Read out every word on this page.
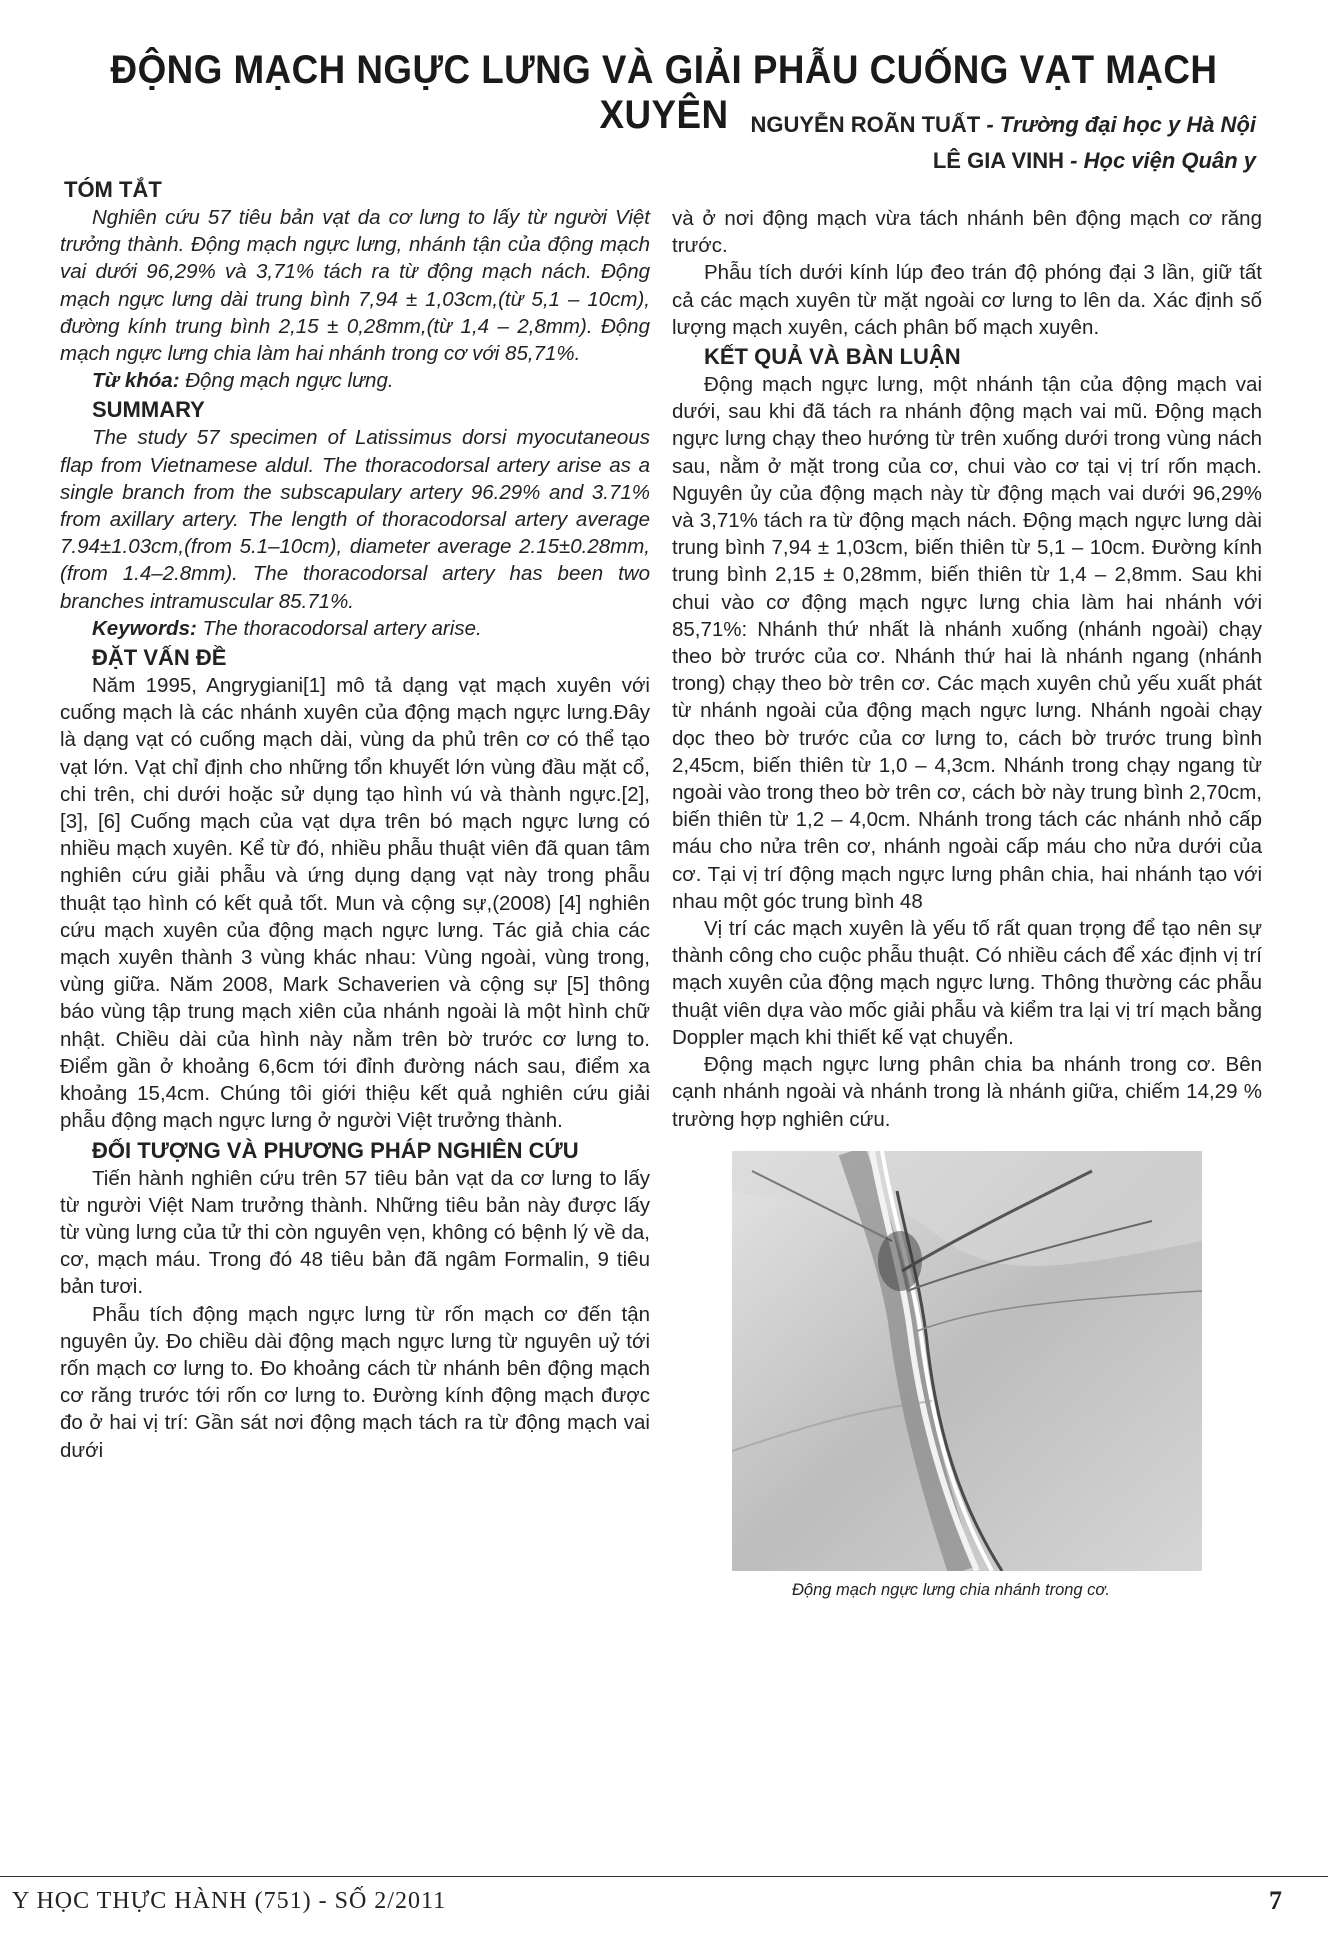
ĐỘNG MẠCH NGỰC LƯNG VÀ GIẢI PHẪU CUỐNG VẠT MẠCH XUYÊN NGUYỄN ROÃN TUẤT - Trường đại học y Hà Nội
LÊ GIA VINH - Học viện Quân y
TÓM TẮT

Nghiên cứu 57 tiêu bản vạt da cơ lưng to lấy từ người Việt trưởng thành. Động mạch ngực lưng, nhánh tận của động mạch vai dưới 96,29% và 3,71% tách ra từ động mạch nách. Động mạch ngực lưng dài trung bình 7,94 ± 1,03cm,(từ 5,1 – 10cm), đường kính trung bình 2,15 ± 0,28mm,(từ 1,4 – 2,8mm). Động mạch ngực lưng chia làm hai nhánh trong cơ với 85,71%.

Từ khóa: Động mạch ngực lưng.

SUMMARY

The study 57 specimen of Latissimus dorsi myocutaneous flap from Vietnamese aldul. The thoracodorsal artery arise as a single branch from the subscapulary artery 96.29% and 3.71% from axillary artery. The length of thoracodorsal artery average 7.94±1.03cm,(from 5.1–10cm), diameter average 2.15±0.28mm, (from 1.4–2.8mm). The thoracodorsal artery has been two branches intramuscular 85.71%.

Keywords: The thoracodorsal artery arise.

ĐẶT VẤN ĐỀ

Năm 1995, Angrygiani[1] mô tả dạng vạt mạch xuyên với cuống mạch là các nhánh xuyên của động mạch ngực lưng.Đây là dạng vạt có cuống mạch dài, vùng da phủ trên cơ có thể tạo vạt lớn. Vạt chỉ định cho những tổn khuyết lớn vùng đầu mặt cổ, chi trên, chi dưới hoặc sử dụng tạo hình vú và thành ngực.[2], [3], [6] Cuống mạch của vạt dựa trên bó mạch ngực lưng có nhiều mạch xuyên. Kể từ đó, nhiều phẫu thuật viên đã quan tâm nghiên cứu giải phẫu và ứng dụng dạng vạt này trong phẫu thuật tạo hình có kết quả tốt. Mun và cộng sự,(2008) [4] nghiên cứu mạch xuyên của động mạch ngực lưng. Tác giả chia các mạch xuyên thành 3 vùng khác nhau: Vùng ngoài, vùng trong, vùng giữa. Năm 2008, Mark Schaverien và cộng sự [5] thông báo vùng tập trung mạch xiên của nhánh ngoài là một hình chữ nhật. Chiều dài của hình này nằm trên bờ trước cơ lưng to. Điểm gần ở khoảng 6,6cm tới đỉnh đường nách sau, điểm xa khoảng 15,4cm. Chúng tôi giới thiệu kết quả nghiên cứu giải phẫu động mạch ngực lưng ở người Việt trưởng thành.

ĐỐI TƯỢNG VÀ PHƯƠNG PHÁP NGHIÊN CỨU

Tiến hành nghiên cứu trên 57 tiêu bản vạt da cơ lưng to lấy từ người Việt Nam trưởng thành. Những tiêu bản này được lấy từ vùng lưng của tử thi còn nguyên vẹn, không có bệnh lý về da, cơ, mạch máu. Trong đó 48 tiêu bản đã ngâm Formalin, 9 tiêu bản tươi.

Phẫu tích động mạch ngực lưng từ rốn mạch cơ đến tận nguyên ủy. Đo chiều dài động mạch ngực lưng từ nguyên uỷ tới rốn mạch cơ lưng to. Đo khoảng cách từ nhánh bên động mạch cơ răng trước tới rốn cơ lưng to. Đường kính động mạch được đo ở hai vị trí: Gần sát nơi động mạch tách ra từ động mạch vai dưới

và ở nơi động mạch vừa tách nhánh bên động mạch cơ răng trước.

Phẫu tích dưới kính lúp đeo trán độ phóng đại 3 lần, giữ tất cả các mạch xuyên từ mặt ngoài cơ lưng to lên da. Xác định số lượng mạch xuyên, cách phân bố mạch xuyên.

KẾT QUẢ VÀ BÀN LUẬN

Động mạch ngực lưng, một nhánh tận của động mạch vai dưới, sau khi đã tách ra nhánh động mạch vai mũ. Động mạch ngực lưng chạy theo hướng từ trên xuống dưới trong vùng nách sau, nằm ở mặt trong của cơ, chui vào cơ tại vị trí rốn mạch. Nguyên ủy của động mạch này từ động mạch vai dưới 96,29% và 3,71% tách ra từ động mạch nách. Động mạch ngực lưng dài trung bình 7,94 ± 1,03cm, biến thiên từ 5,1 – 10cm. Đường kính trung bình 2,15 ± 0,28mm, biến thiên từ 1,4 – 2,8mm. Sau khi chui vào cơ động mạch ngực lưng chia làm hai nhánh với 85,71%: Nhánh thứ nhất là nhánh xuống (nhánh ngoài) chạy theo bờ trước của cơ. Nhánh thứ hai là nhánh ngang (nhánh trong) chạy theo bờ trên cơ. Các mạch xuyên chủ yếu xuất phát từ nhánh ngoài của động mạch ngực lưng. Nhánh ngoài chạy dọc theo bờ trước của cơ lưng to, cách bờ trước trung bình 2,45cm, biến thiên từ 1,0 – 4,3cm. Nhánh trong chạy ngang từ ngoài vào trong theo bờ trên cơ, cách bờ này trung bình 2,70cm, biến thiên từ 1,2 – 4,0cm. Nhánh trong tách các nhánh nhỏ cấp máu cho nửa trên cơ, nhánh ngoài cấp máu cho nửa dưới của cơ. Tại vị trí động mạch ngực lưng phân chia, hai nhánh tạo với nhau một góc trung bình 48

Vị trí các mạch xuyên là yếu tố rất quan trọng để tạo nên sự thành công cho cuộc phẫu thuật. Có nhiều cách để xác định vị trí mạch xuyên của động mạch ngực lưng. Thông thường các phẫu thuật viên dựa vào mốc giải phẫu và kiểm tra lại vị trí mạch bằng Doppler mạch khi thiết kế vạt chuyển.

Động mạch ngực lưng phân chia ba nhánh trong cơ. Bên cạnh nhánh ngoài và nhánh trong là nhánh giữa, chiếm 14,29 % trường hợp nghiên cứu.

Động mạch ngực lưng chia nhánh trong cơ.
Y HỌC THỰC HÀNH (751) - SỐ 2/2011	7
